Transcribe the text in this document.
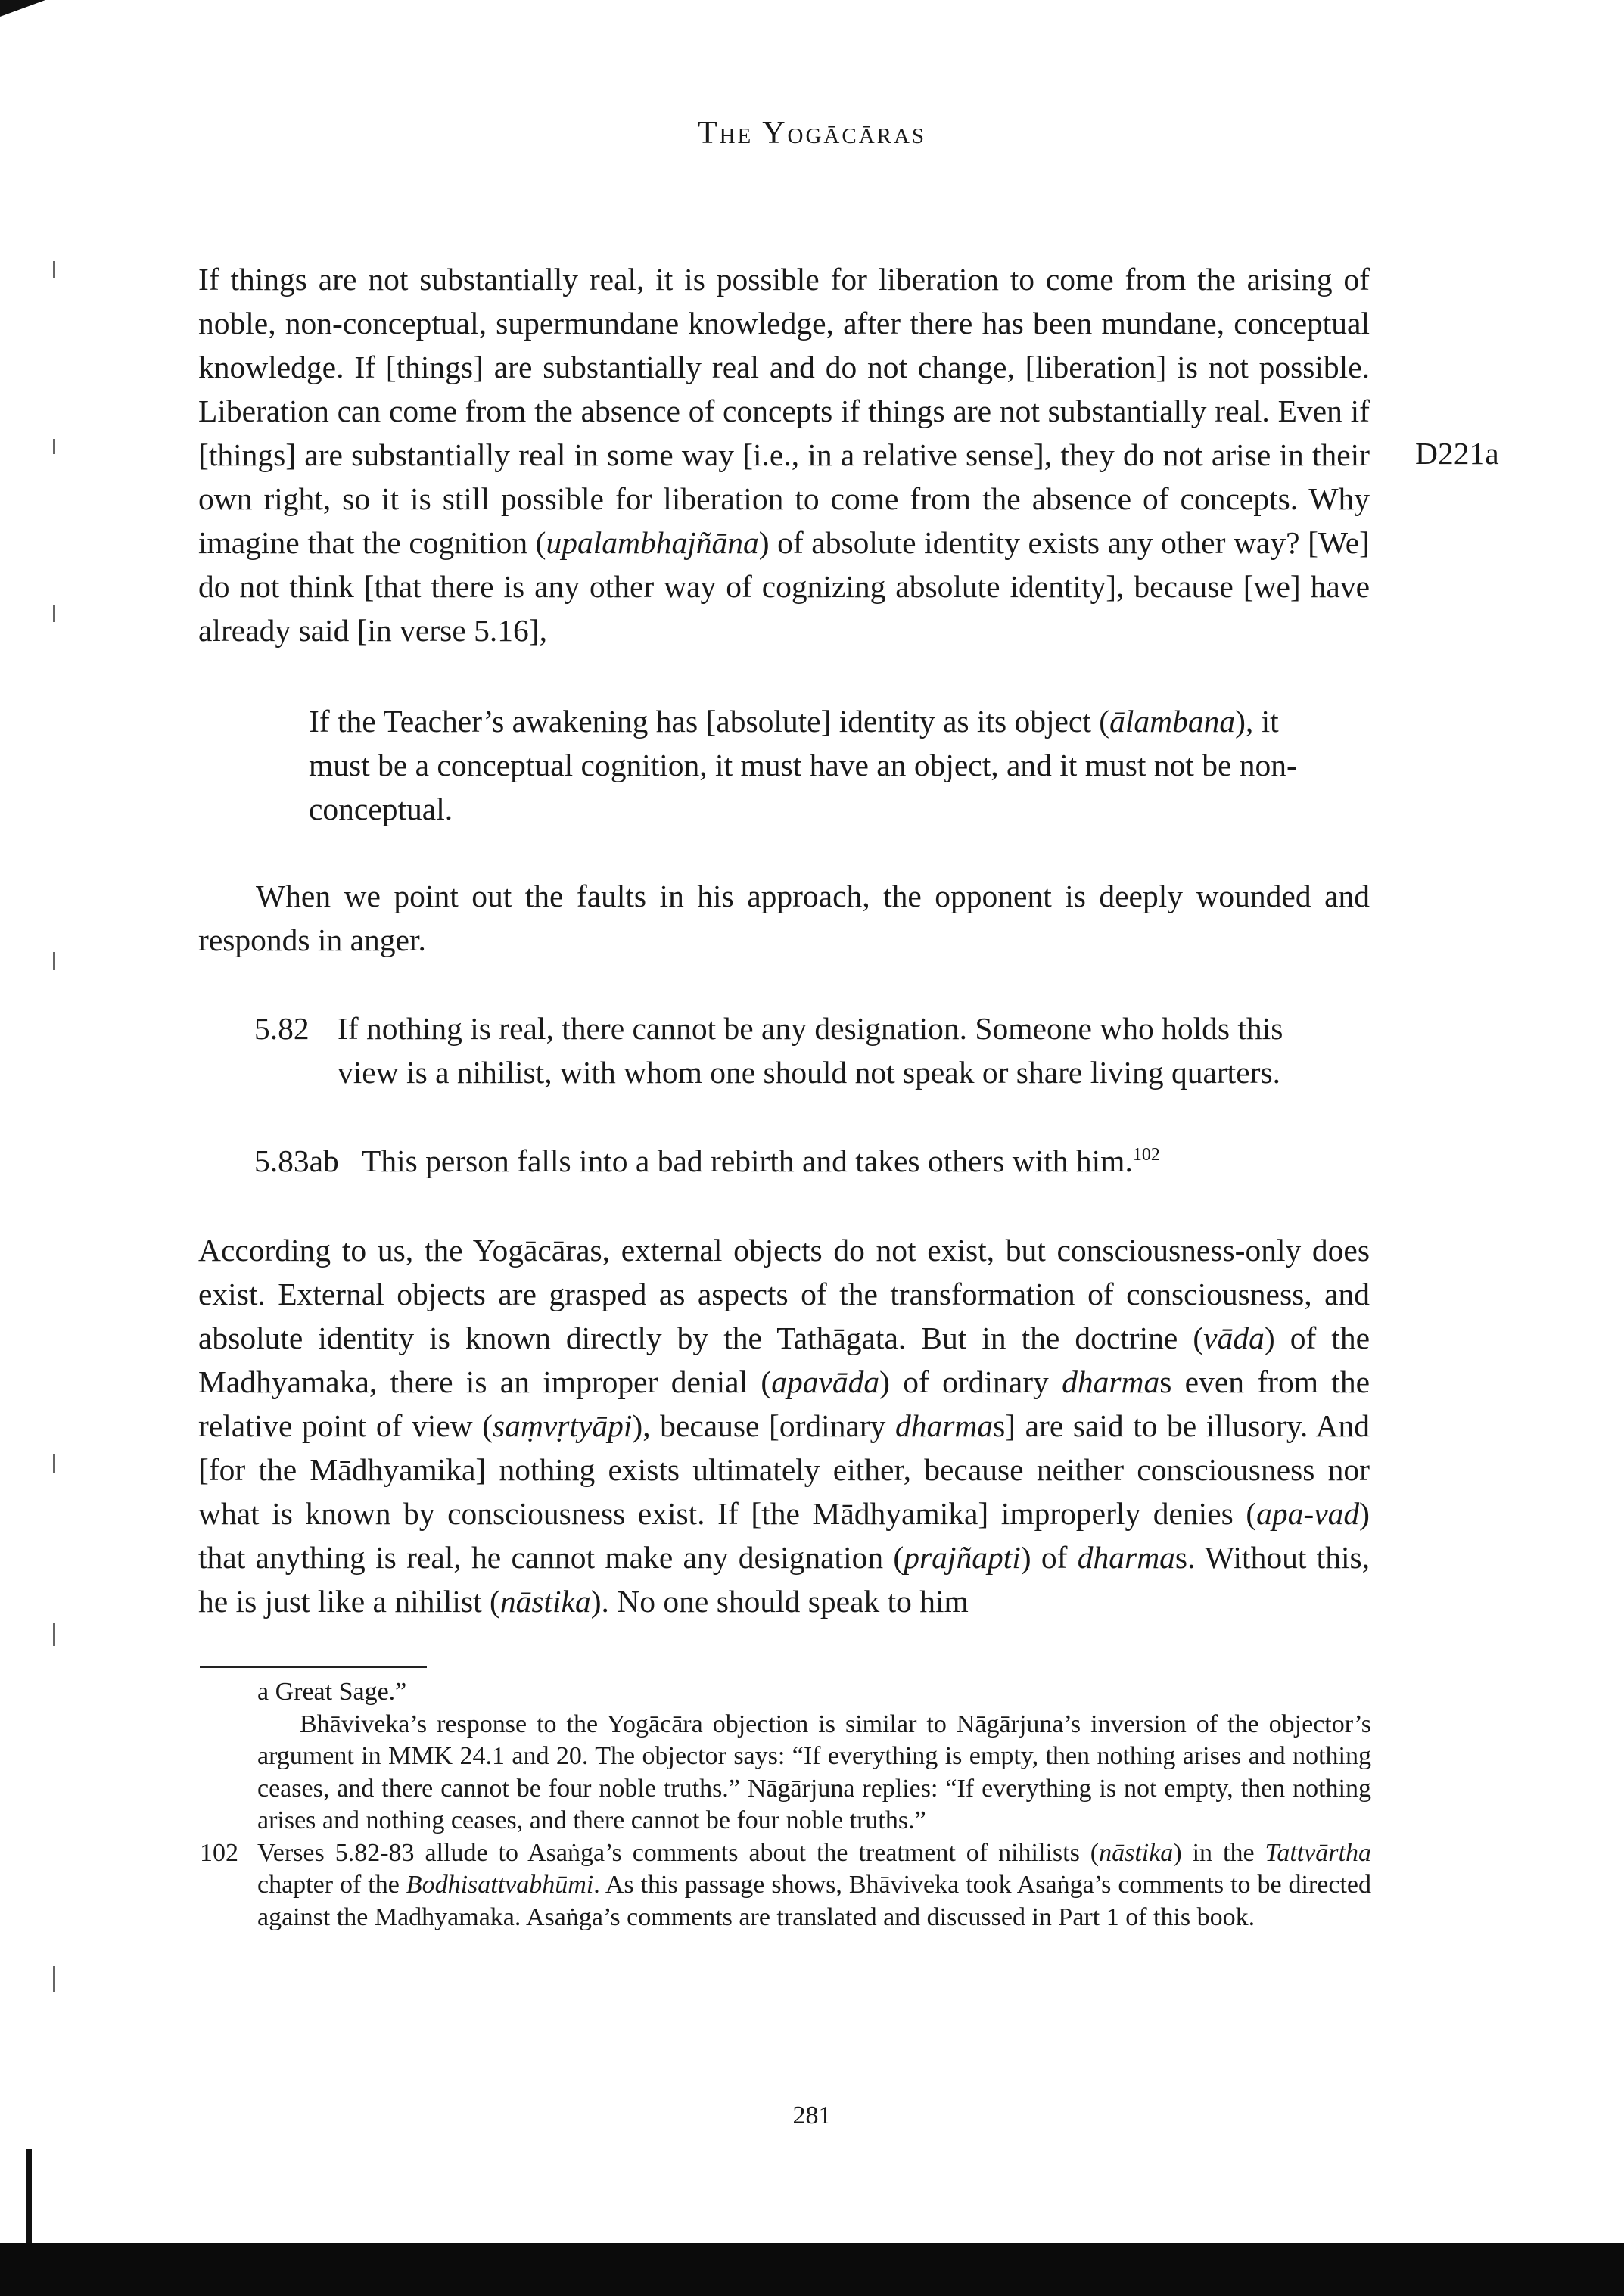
The Yogācāras

If things are not substantially real, it is possible for liberation to come from the arising of noble, non-conceptual, supermundane knowledge, after there has been mundane, conceptual knowledge. If [things] are substantially real and do not change, [liberation] is not possible. Liberation can come from the absence of concepts if things are not substantially real. Even if [things] are substantially real in some way [i.e., in a relative sense], they do not arise in their own right, so it is still possible for liberation to come from the absence of concepts. Why imagine that the cognition (upalambhajñāna) of absolute identity exists any other way? [We] do not think [that there is any other way of cognizing absolute identity], because [we] have already said [in verse 5.16],

D221a

If the Teacher’s awakening has [absolute] identity as its object (ālambana), it must be a conceptual cognition, it must have an object, and it must not be non-conceptual.

When we point out the faults in his approach, the opponent is deeply wounded and responds in anger.

5.82 If nothing is real, there cannot be any designation. Someone who holds this view is a nihilist, with whom one should not speak or share living quarters.
5.83ab This person falls into a bad rebirth and takes others with him.$^{102}$

According to us, the Yogācāras, external objects do not exist, but consciousness-only does exist. External objects are grasped as aspects of the transformation of consciousness, and absolute identity is known directly by the Tathāgata. But in the doctrine (vāda) of the Madhyamaka, there is an improper denial (apavāda) of ordinary dharmas even from the relative point of view (saṃvṛtyāpi), because [ordinary dharmas] are said to be illusory. And [for the Mādhyamika] nothing exists ultimately either, because neither consciousness nor what is known by consciousness exist. If [the Mādhyamika] improperly denies (apa-vad) that anything is real, he cannot make any designation (prajñapti) of dharmas. Without this, he is just like a nihilist (nāstika). No one should speak to him

a Great Sage.”

Bhāviveka’s response to the Yogācāra objection is similar to Nāgārjuna’s inversion of the objector’s argument in MMK 24.1 and 20. The objector says: “If everything is empty, then nothing arises and nothing ceases, and there cannot be four noble truths.” Nāgārjuna replies: “If everything is not empty, then nothing arises and nothing ceases, and there cannot be four noble truths.”

102 Verses 5.82-83 allude to Asaṅga’s comments about the treatment of nihilists (nāstika) in the Tattvārtha chapter of the Bodhisattvabhūmi. As this passage shows, Bhāviveka took Asaṅga’s comments to be directed against the Madhyamaka. Asaṅga’s comments are translated and discussed in Part 1 of this book.

281
